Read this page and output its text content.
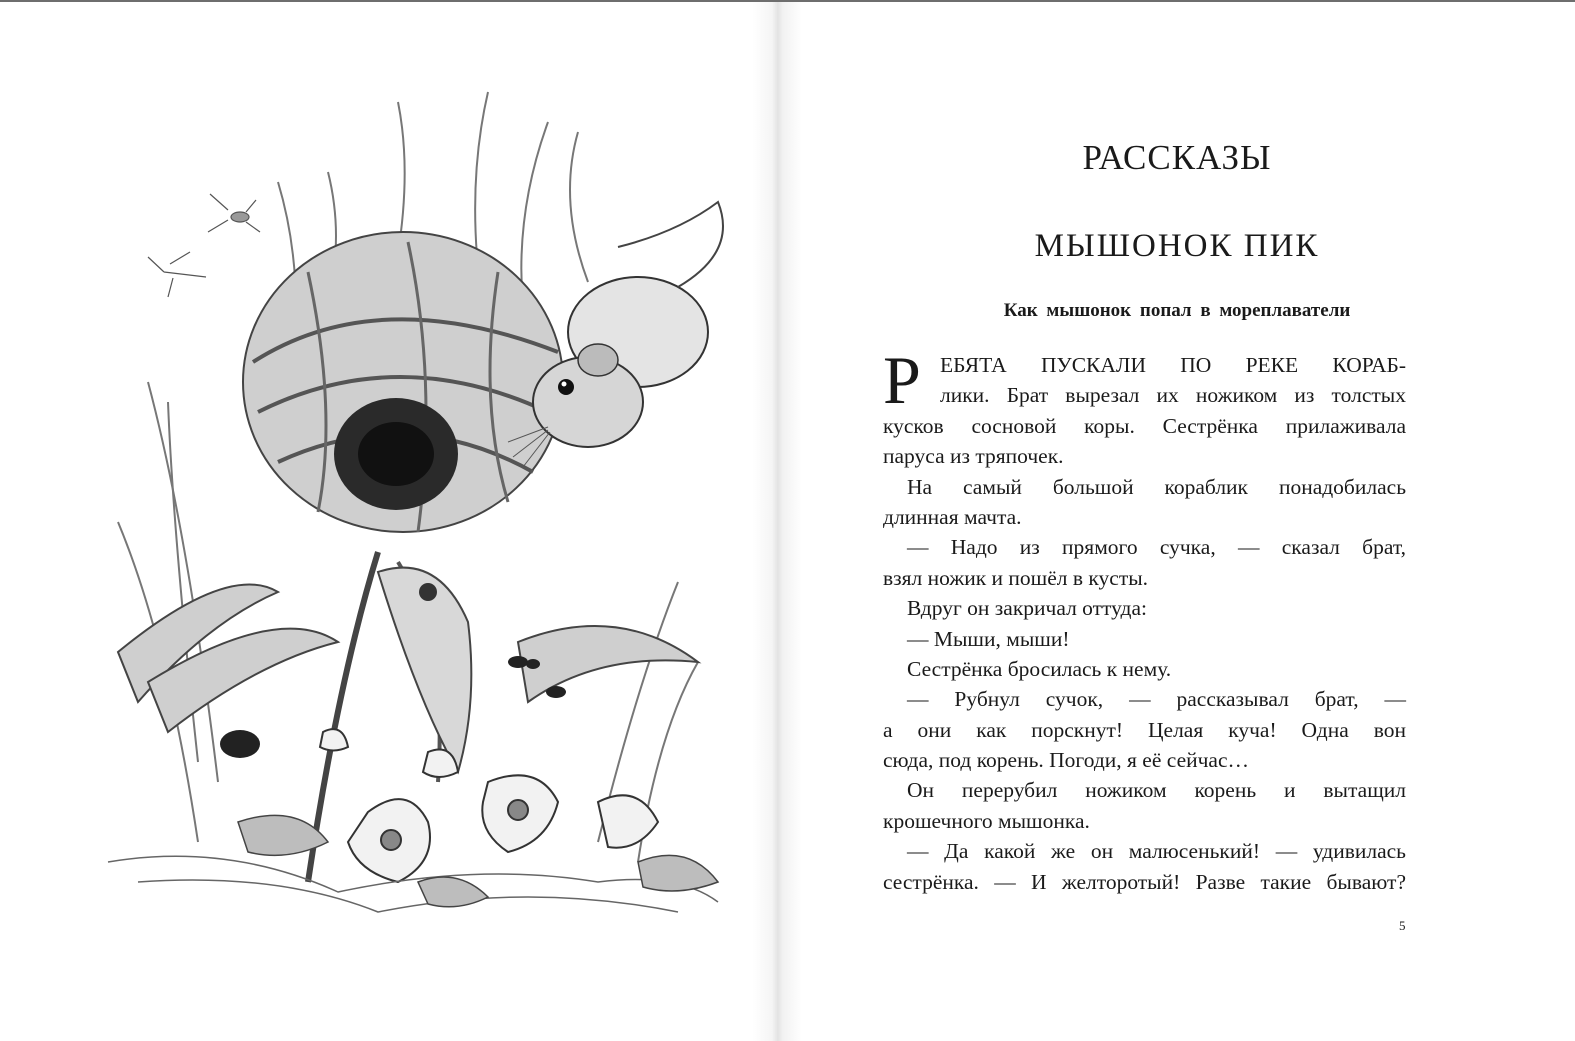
РАССКАЗЫ
МЫШОНОК ПИК
Как мышонок попал в мореплаватели
Р ЕБЯТА ПУСКАЛИ ПО РЕКЕ КОРАБ-
лики. Брат вырезал их ножиком из толстых
кусков сосновой коры. Сестрёнка прилаживала
паруса из тряпочек.
На самый большой кораблик понадобилась
длинная мачта.
— Надо из прямого сучка, — сказал брат,
взял ножик и пошёл в кусты.
Вдруг он закричал оттуда:
— Мыши, мыши!
Сестрёнка бросилась к нему.
— Рубнул сучок, — рассказывал брат, —
а они как порскнут! Целая куча! Одна вон
сюда, под корень. Погоди, я её сейчас…
Он перерубил ножиком корень и вытащил
крошечного мышонка.
— Да какой же он малюсенький! — удивилась
сестрёнка. — И желторотый! Разве такие бывают?
5
